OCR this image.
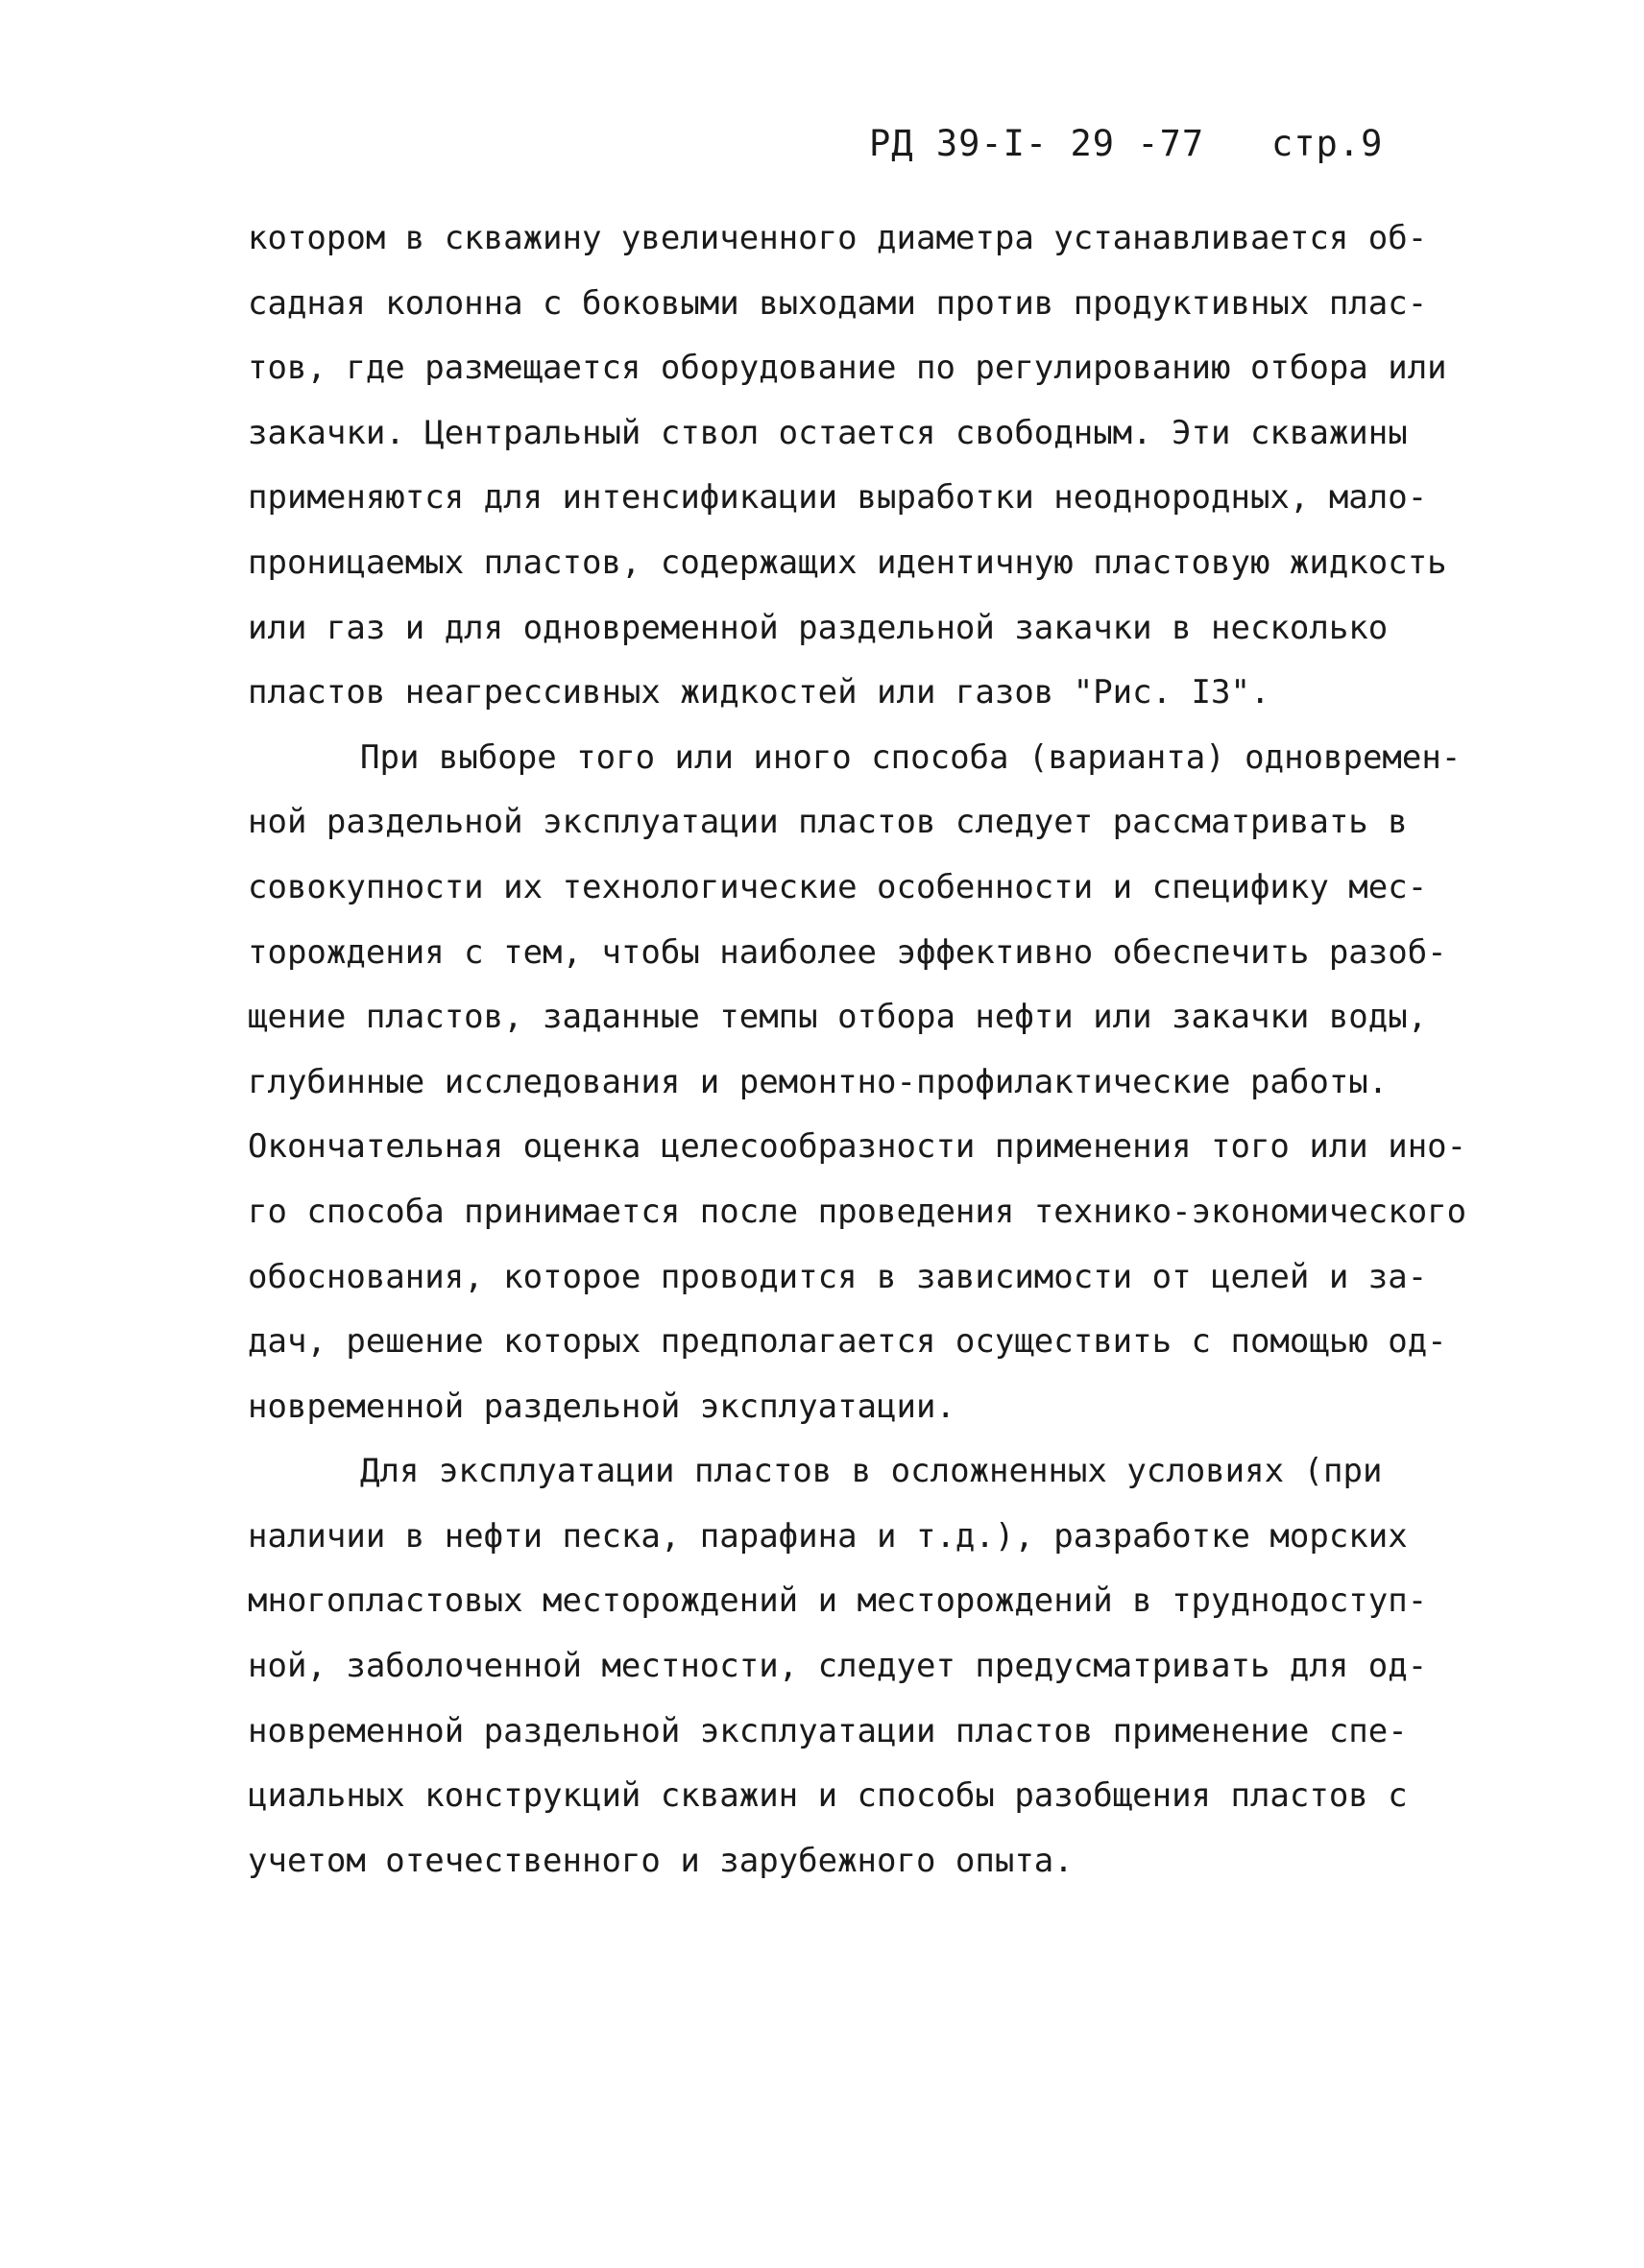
РД 39-I- 29 -77 стр.9
котором в скважину увеличенного диаметра устанавливается об-
садная колонна с боковыми выходами против продуктивных плас-
тов, где размещается оборудование по регулированию отбора или
закачки. Центральный ствол остается свободным. Эти скважины
применяются для интенсификации выработки неоднородных, мало-
проницаемых пластов, содержащих идентичную пластовую жидкость
или газ и для одновременной раздельной закачки в несколько
пластов неагрессивных жидкостей или газов "Рис. I3".
При выборе того или иного способа (варианта) одновремен-
ной раздельной эксплуатации пластов следует рассматривать в
совокупности их технологические особенности и специфику мес-
торождения с тем, чтобы наиболее эффективно обеспечить разоб-
щение пластов, заданные темпы отбора нефти или закачки воды,
глубинные исследования и ремонтно-профилактические работы.
Окончательная оценка целесообразности применения того или ино-
го способа принимается после проведения технико-экономического
обоснования, которое проводится в зависимости от целей и за-
дач, решение которых предполагается осуществить с помощью од-
новременной раздельной эксплуатации.
Для эксплуатации пластов в осложненных условиях (при
наличии в нефти песка, парафина и т.д.), разработке морских
многопластовых месторождений и месторождений в труднодоступ-
ной, заболоченной местности, следует предусматривать для од-
новременной раздельной эксплуатации пластов применение спе-
циальных конструкций скважин и способы разобщения пластов с
учетом отечественного и зарубежного опыта.
